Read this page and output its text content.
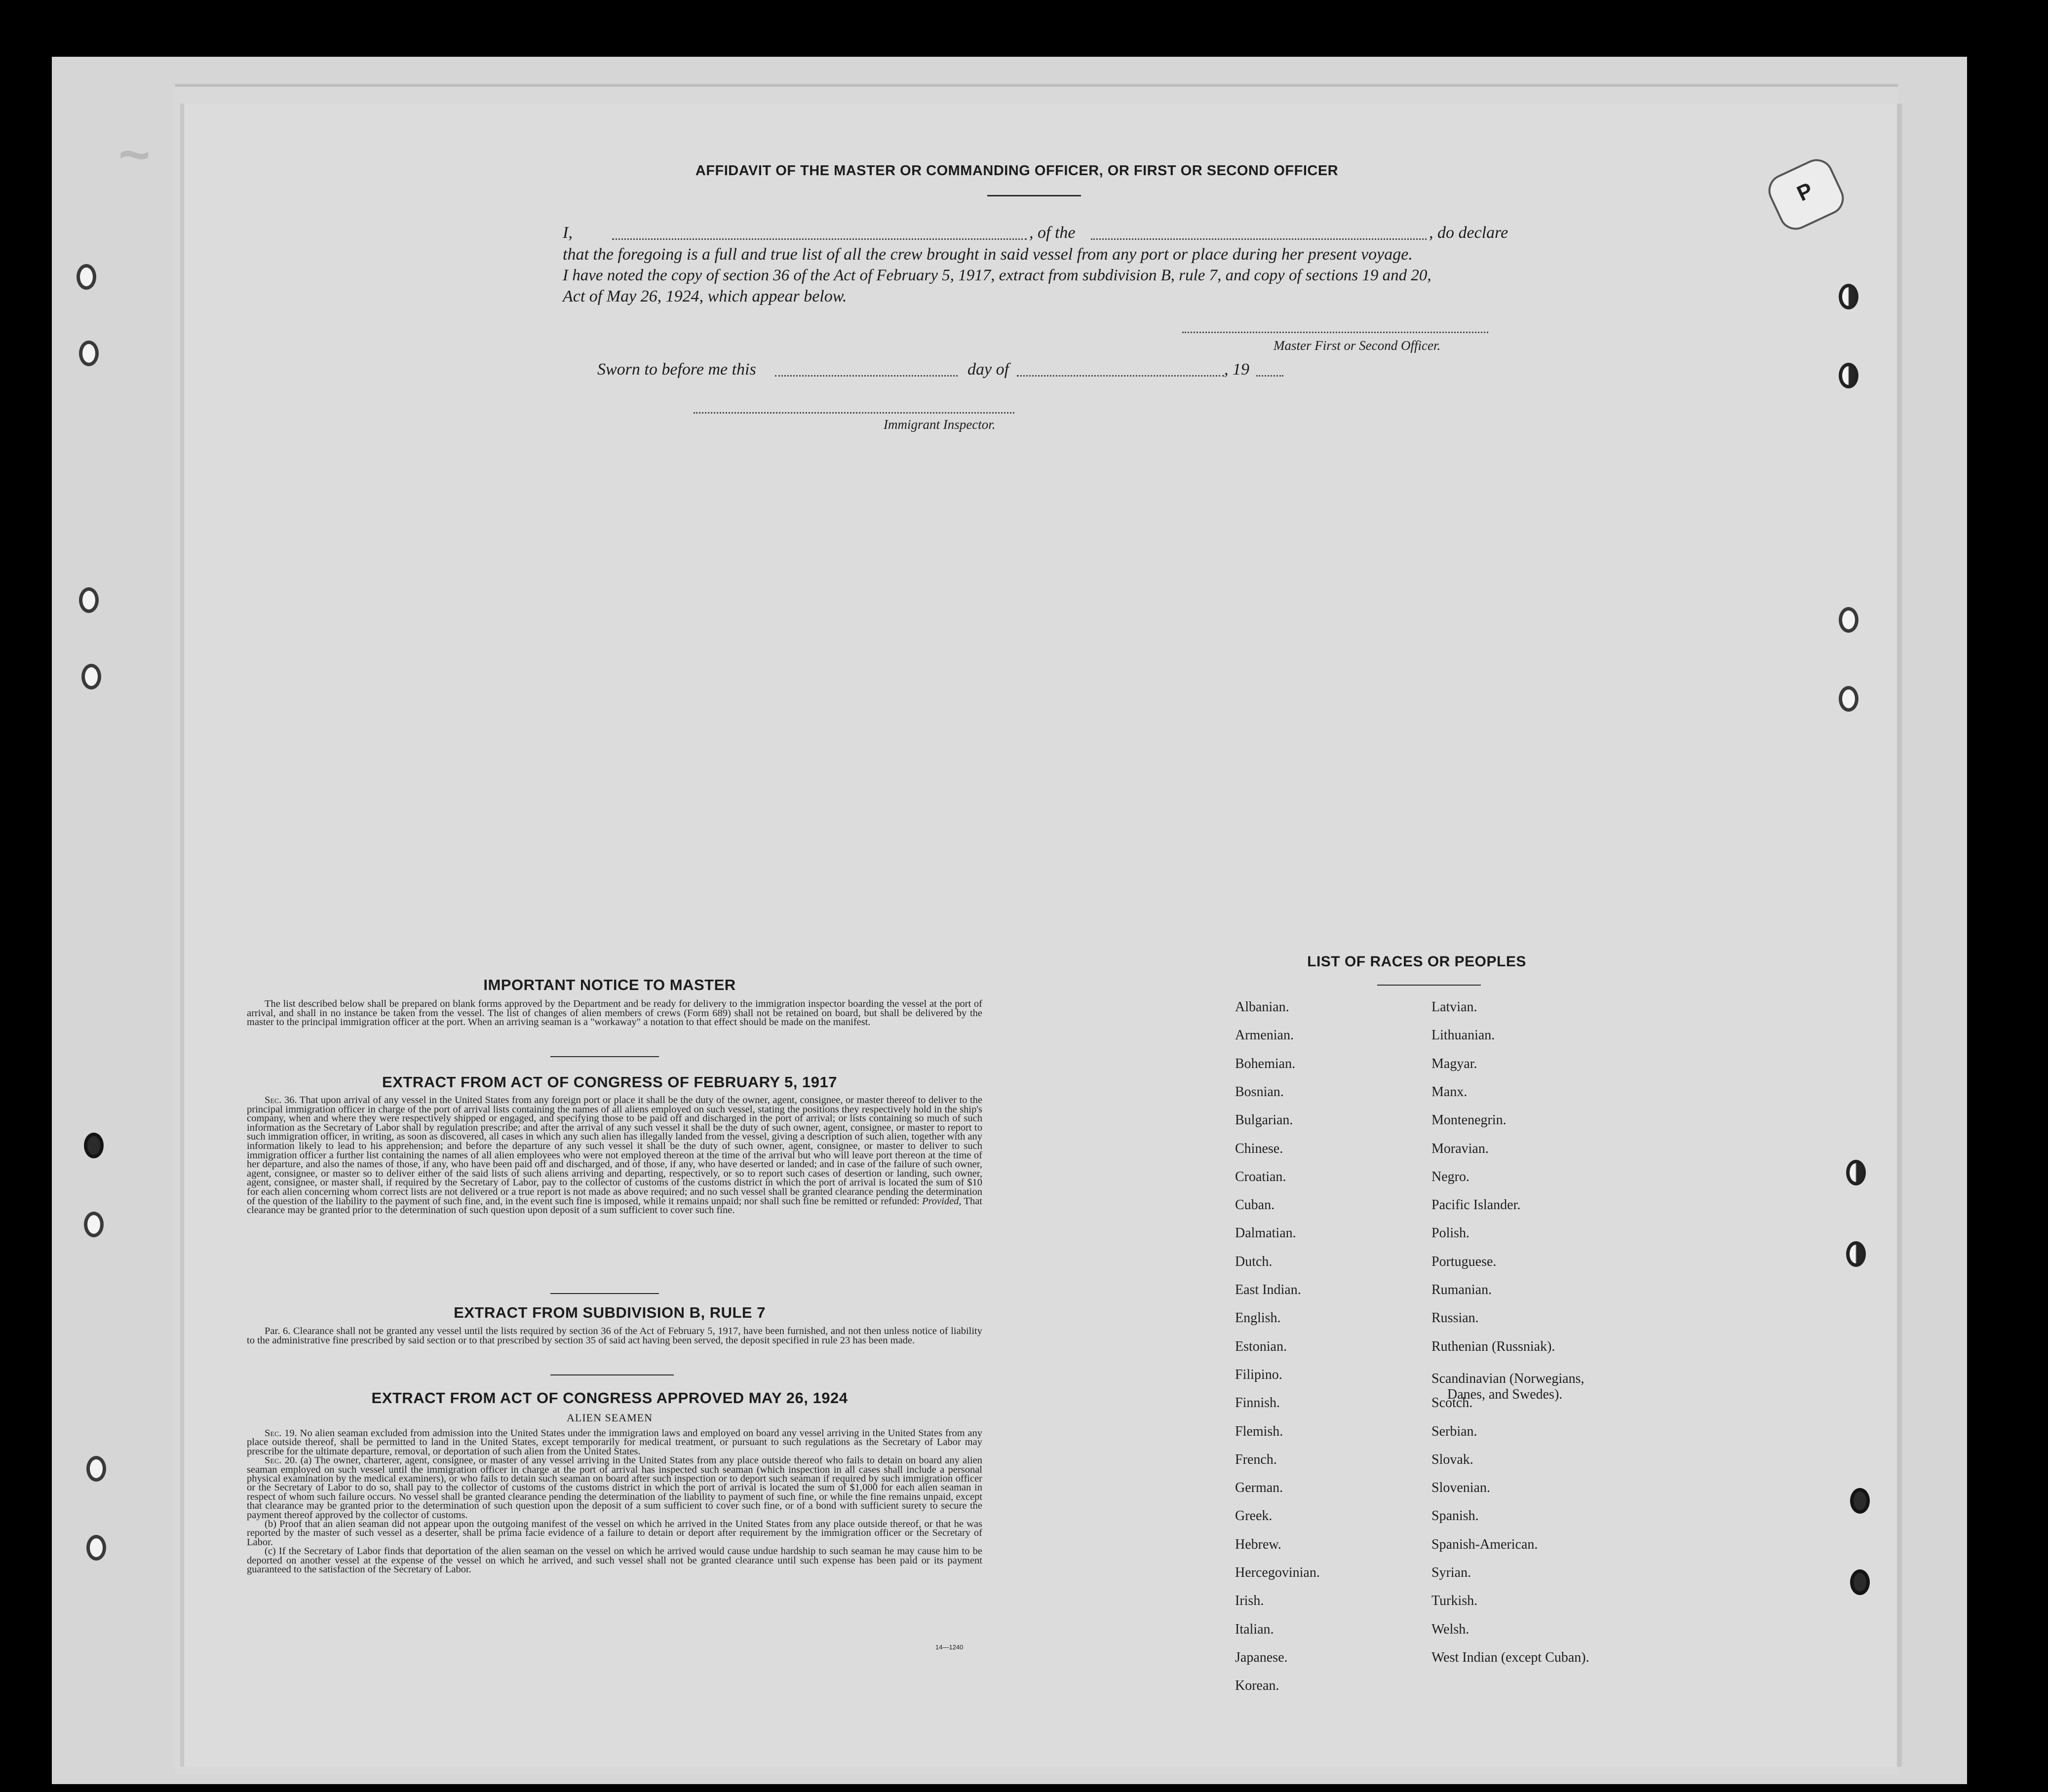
~
P
AFFIDAVIT OF THE MASTER OR COMMANDING OFFICER, OR FIRST OR SECOND OFFICER
I,	, of the	, do declare
that the foregoing is a full and true list of all the crew brought in said vessel from any port or place during her present voyage.
I have noted the copy of section 36 of the Act of February 5, 1917, extract from subdivision B, rule 7, and copy of sections 19 and 20,
Act of May 26, 1924, which appear below.
Master First or Second Officer.
Sworn to before me this	day of	, 19
Immigrant Inspector.
IMPORTANT NOTICE TO MASTER

The list described below shall be prepared on blank forms approved by the Department and be ready for delivery to the immigration inspector boarding the vessel at the port of arrival, and shall in no instance be taken from the vessel. The list of changes of alien members of crews (Form 689) shall not be retained on board, but shall be delivered by the master to the principal immigration officer at the port. When an arriving seaman is a "workaway" a notation to that effect should be made on the manifest.

EXTRACT FROM ACT OF CONGRESS OF FEBRUARY 5, 1917

Sec. 36. That upon arrival of any vessel in the United States from any foreign port or place it shall be the duty of the owner, agent, consignee, or master thereof to deliver to the principal immigration officer in charge of the port of arrival lists containing the names of all aliens employed on such vessel, stating the positions they respectively hold in the ship's company, when and where they were respectively shipped or engaged, and specifying those to be paid off and discharged in the port of arrival; or lists containing so much of such information as the Secretary of Labor shall by regulation prescribe; and after the arrival of any such vessel it shall be the duty of such owner, agent, consignee, or master to report to such immigration officer, in writing, as soon as discovered, all cases in which any such alien has illegally landed from the vessel, giving a description of such alien, together with any information likely to lead to his apprehension; and before the departure of any such vessel it shall be the duty of such owner, agent, consignee, or master to deliver to such immigration officer a further list containing the names of all alien employees who were not employed thereon at the time of the arrival but who will leave port thereon at the time of her departure, and also the names of those, if any, who have been paid off and discharged, and of those, if any, who have deserted or landed; and in case of the failure of such owner, agent, consignee, or master so to deliver either of the said lists of such aliens arriving and departing, respectively, or so to report such cases of desertion or landing, such owner, agent, consignee, or master shall, if required by the Secretary of Labor, pay to the collector of customs of the customs district in which the port of arrival is located the sum of $10 for each alien concerning whom correct lists are not delivered or a true report is not made as above required; and no such vessel shall be granted clearance pending the determination of the question of the liability to the payment of such fine, and, in the event such fine is imposed, while it remains unpaid; nor shall such fine be remitted or refunded: Provided, That clearance may be granted prior to the determination of such question upon deposit of a sum sufficient to cover such fine.

EXTRACT FROM SUBDIVISION B, RULE 7

Par. 6. Clearance shall not be granted any vessel until the lists required by section 36 of the Act of February 5, 1917, have been furnished, and not then unless notice of liability to the administrative fine prescribed by said section or to that prescribed by section 35 of said act having been served, the deposit specified in rule 23 has been made.

EXTRACT FROM ACT OF CONGRESS APPROVED MAY 26, 1924
ALIEN SEAMEN

Sec. 19. No alien seaman excluded from admission into the United States under the immigration laws and employed on board any vessel arriving in the United States from any place outside thereof, shall be permitted to land in the United States, except temporarily for medical treatment, or pursuant to such regulations as the Secretary of Labor may prescribe for the ultimate departure, removal, or deportation of such alien from the United States.

Sec. 20. (a) The owner, charterer, agent, consignee, or master of any vessel arriving in the United States from any place outside thereof who fails to detain on board any alien seaman employed on such vessel until the immigration officer in charge at the port of arrival has inspected such seaman (which inspection in all cases shall include a personal physical examination by the medical examiners), or who fails to detain such seaman on board after such inspection or to deport such seaman if required by such immigration officer or the Secretary of Labor to do so, shall pay to the collector of customs of the customs district in which the port of arrival is located the sum of $1,000 for each alien seaman in respect of whom such failure occurs. No vessel shall be granted clearance pending the determination of the liability to payment of such fine, or while the fine remains unpaid, except that clearance may be granted prior to the determination of such question upon the deposit of a sum sufficient to cover such fine, or of a bond with sufficient surety to secure the payment thereof approved by the collector of customs.

(b) Proof that an alien seaman did not appear upon the outgoing manifest of the vessel on which he arrived in the United States from any place outside thereof, or that he was reported by the master of such vessel as a deserter, shall be prima facie evidence of a failure to detain or deport after requirement by the immigration officer or the Secretary of Labor.

(c) If the Secretary of Labor finds that deportation of the alien seaman on the vessel on which he arrived would cause undue hardship to such seaman he may cause him to be deported on another vessel at the expense of the vessel on which he arrived, and such vessel shall not be granted clearance until such expense has been paid or its payment guaranteed to the satisfaction of the Secretary of Labor.

14—1240
LIST OF RACES OR PEOPLES
Albanian.
Armenian.
Bohemian.
Bosnian.
Bulgarian.
Chinese.
Croatian.
Cuban.
Dalmatian.
Dutch.
East Indian.
English.
Estonian.
Filipino.
Finnish.
Flemish.
French.
German.
Greek.
Hebrew.
Hercegovinian.
Irish.
Italian.
Japanese.
Korean.
Latvian.
Lithuanian.
Magyar.
Manx.
Montenegrin.
Moravian.
Negro.
Pacific Islander.
Polish.
Portuguese.
Rumanian.
Russian.
Ruthenian (Russniak).
Scandinavian (Norwegians,
Danes, and Swedes).
Scotch.
Serbian.
Slovak.
Slovenian.
Spanish.
Spanish-American.
Syrian.
Turkish.
Welsh.
West Indian (except Cuban).
